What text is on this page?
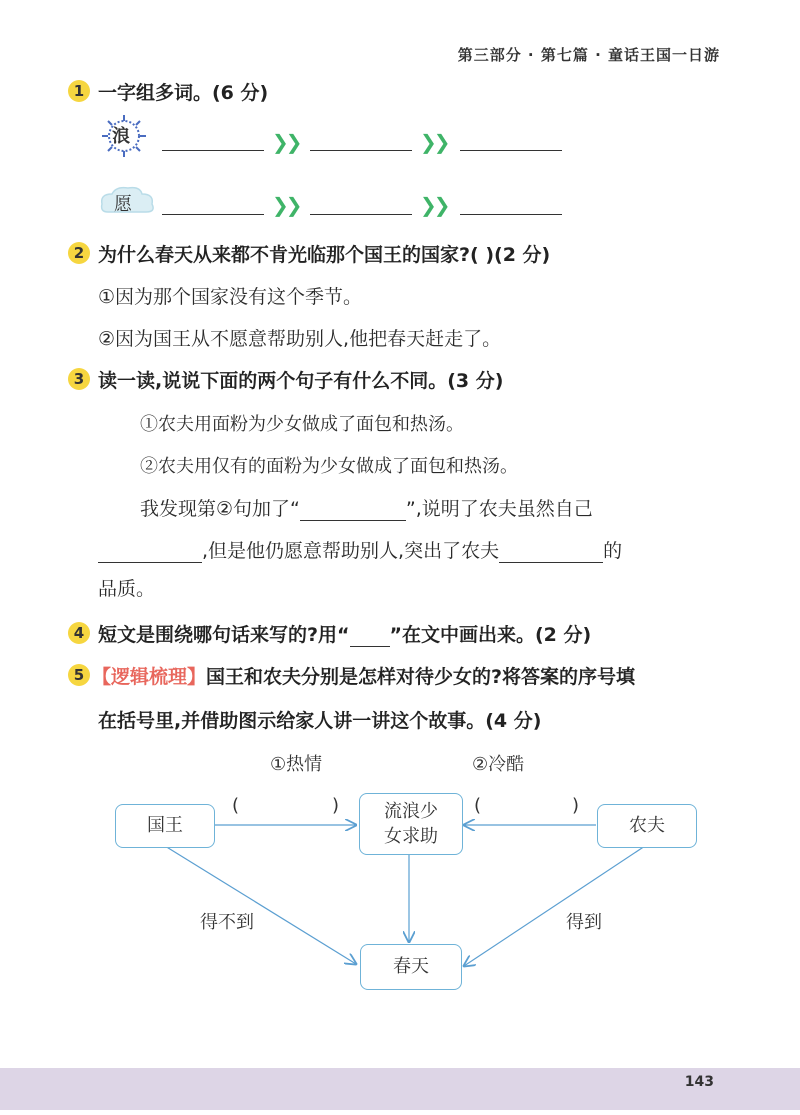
第三部分 · 第七篇 · 童话王国一日游
1 一字组多词。(6 分)
浪	❯❯	❯❯
愿	❯❯	❯❯
2 为什么春天从来都不肯光临那个国王的国家?( )(2 分)
①因为那个国家没有这个季节。
②因为国王从不愿意帮助别人,他把春天赶走了。
3 读一读,说说下面的两个句子有什么不同。(3 分)
①农夫用面粉为少女做成了面包和热汤。
②农夫用仅有的面粉为少女做成了面包和热汤。
我发现第②句加了“	”,说明了农夫虽然自己
,但是他仍愿意帮助别人,突出了农夫	的
品质。
4 短文是围绕哪句话来写的?用“ ”在文中画出来。(2 分)
5 【逻辑梳理】国王和农夫分别是怎样对待少女的?将答案的序号填
在括号里,并借助图示给家人讲一讲这个故事。(4 分)
①热情	②冷酷
国王
流浪少
女求助
农夫
春天
(	)	(	)
得不到	得到
143
